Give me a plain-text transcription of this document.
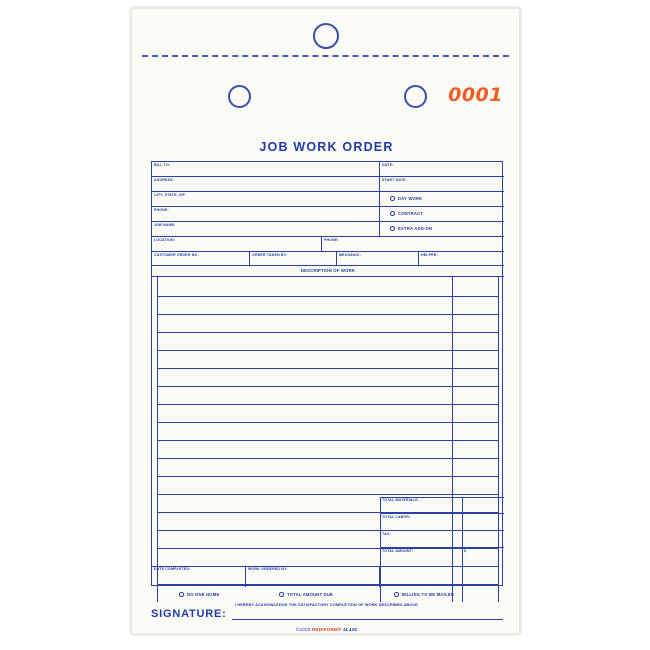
0001
JOB WORK ORDER
BILL TO:	DATE:
ADDRESS:	START DATE:
CITY, STATE, ZIP
PHONE:
JOB NAME:
DAY WORK
CONTRACT
EXTRA ADD-ON
LOCATION:	PHONE:
CUSTOMER ORDER NO.	ORDER TAKEN BY:	MECHANIC:	HELPER:
DESCRIPTION OF WORK
TOTAL MATERIALS:
TOTAL LABOR:
TAX:
TOTAL AMOUNT:	$
DATE COMPLETED:	WORK ORDERED BY:
NO ONE HOME	TOTAL AMOUNT DUE	BILLING TO BE MAILED
I HEREBY ACKNOWLEDGE THE SATISFACTORY COMPLETION OF WORK DESCRIBED ABOVE.
SIGNATURE:
©2003 REDIFORM® 4L436
